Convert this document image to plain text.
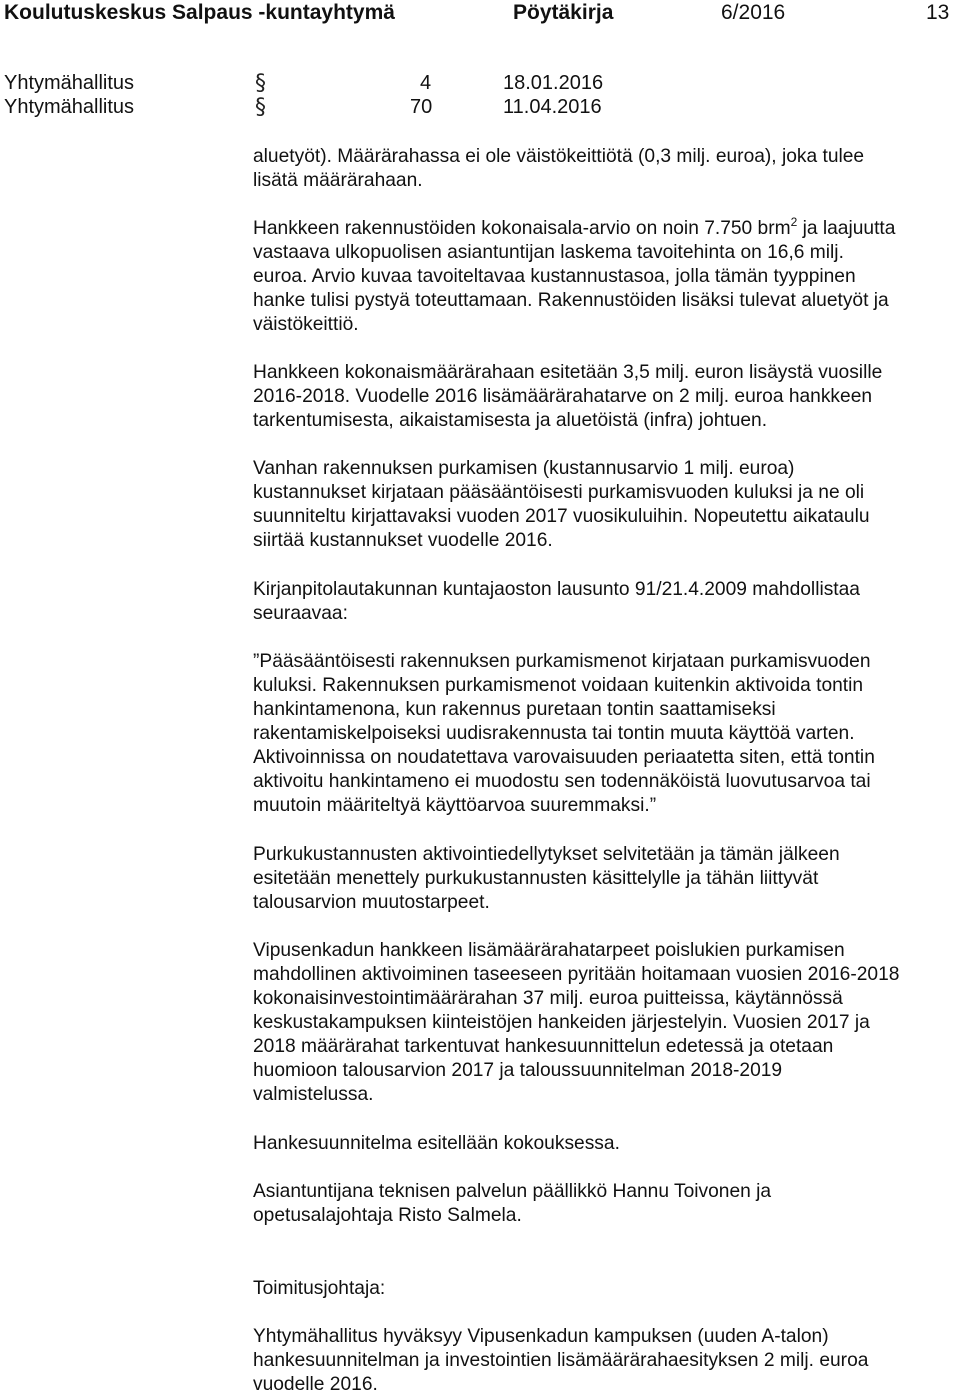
Koulutuskeskus Salpaus -kuntayhtymä	Pöytäkirja	6/2016	13
Yhtymähallitus	§	4	18.01.2016
Yhtymähallitus	§	70	11.04.2016
aluetyöt). Määrärahassa ei ole väistökeittiötä (0,3 milj. euroa), joka tulee
lisätä määrärahaan.
Hankkeen rakennustöiden kokonaisala-arvio on noin 7.750 brm$^2$ ja laajuutta
vastaava ulkopuolisen asiantuntijan laskema tavoitehinta on 16,6 milj.
euroa. Arvio kuvaa tavoiteltavaa kustannustasoa, jolla tämän tyyppinen
hanke tulisi pystyä toteuttamaan. Rakennustöiden lisäksi tulevat aluetyöt ja
väistökeittiö.
Hankkeen kokonaismäärärahaan esitetään 3,5 milj. euron lisäystä vuosille
2016-2018. Vuodelle 2016 lisämäärärahatarve on 2 milj. euroa hankkeen
tarkentumisesta, aikaistamisesta ja aluetöistä (infra) johtuen.
Vanhan rakennuksen purkamisen (kustannusarvio 1 milj. euroa)
kustannukset kirjataan pääsääntöisesti purkamisvuoden kuluksi ja ne oli
suunniteltu kirjattavaksi vuoden 2017 vuosikuluihin. Nopeutettu aikataulu
siirtää kustannukset vuodelle 2016.
Kirjanpitolautakunnan kuntajaoston lausunto 91/21.4.2009 mahdollistaa
seuraavaa:
”Pääsääntöisesti rakennuksen purkamismenot kirjataan purkamisvuoden
kuluksi. Rakennuksen purkamismenot voidaan kuitenkin aktivoida tontin
hankintamenona, kun rakennus puretaan tontin saattamiseksi
rakentamiskelpoiseksi uudisrakennusta tai tontin muuta käyttöä varten.
Aktivoinnissa on noudatettava varovaisuuden periaatetta siten, että tontin
aktivoitu hankintameno ei muodostu sen todennäköistä luovutusarvoa tai
muutoin määriteltyä käyttöarvoa suuremmaksi.”
Purkukustannusten aktivointiedellytykset selvitetään ja tämän jälkeen
esitetään menettely purkukustannusten käsittelylle ja tähän liittyvät
talousarvion muutostarpeet.
Vipusenkadun hankkeen lisämäärärahatarpeet poislukien purkamisen
mahdollinen aktivoiminen taseeseen pyritään hoitamaan vuosien 2016-2018
kokonaisinvestointimäärärahan 37 milj. euroa puitteissa, käytännössä
keskustakampuksen kiinteistöjen hankeiden järjestelyin. Vuosien 2017 ja
2018 määrärahat tarkentuvat hankesuunnittelun edetessä ja otetaan
huomioon talousarvion 2017 ja taloussuunnitelman 2018-2019
valmistelussa.
Hankesuunnitelma esitellään kokouksessa.
Asiantuntijana teknisen palvelun päällikkö Hannu Toivonen ja
opetusalajohtaja Risto Salmela.
Toimitusjohtaja:
Yhtymähallitus hyväksyy Vipusenkadun kampuksen (uuden A-talon)
hankesuunnitelman ja investointien lisämäärärahaesityksen 2 milj. euroa
vuodelle 2016.
